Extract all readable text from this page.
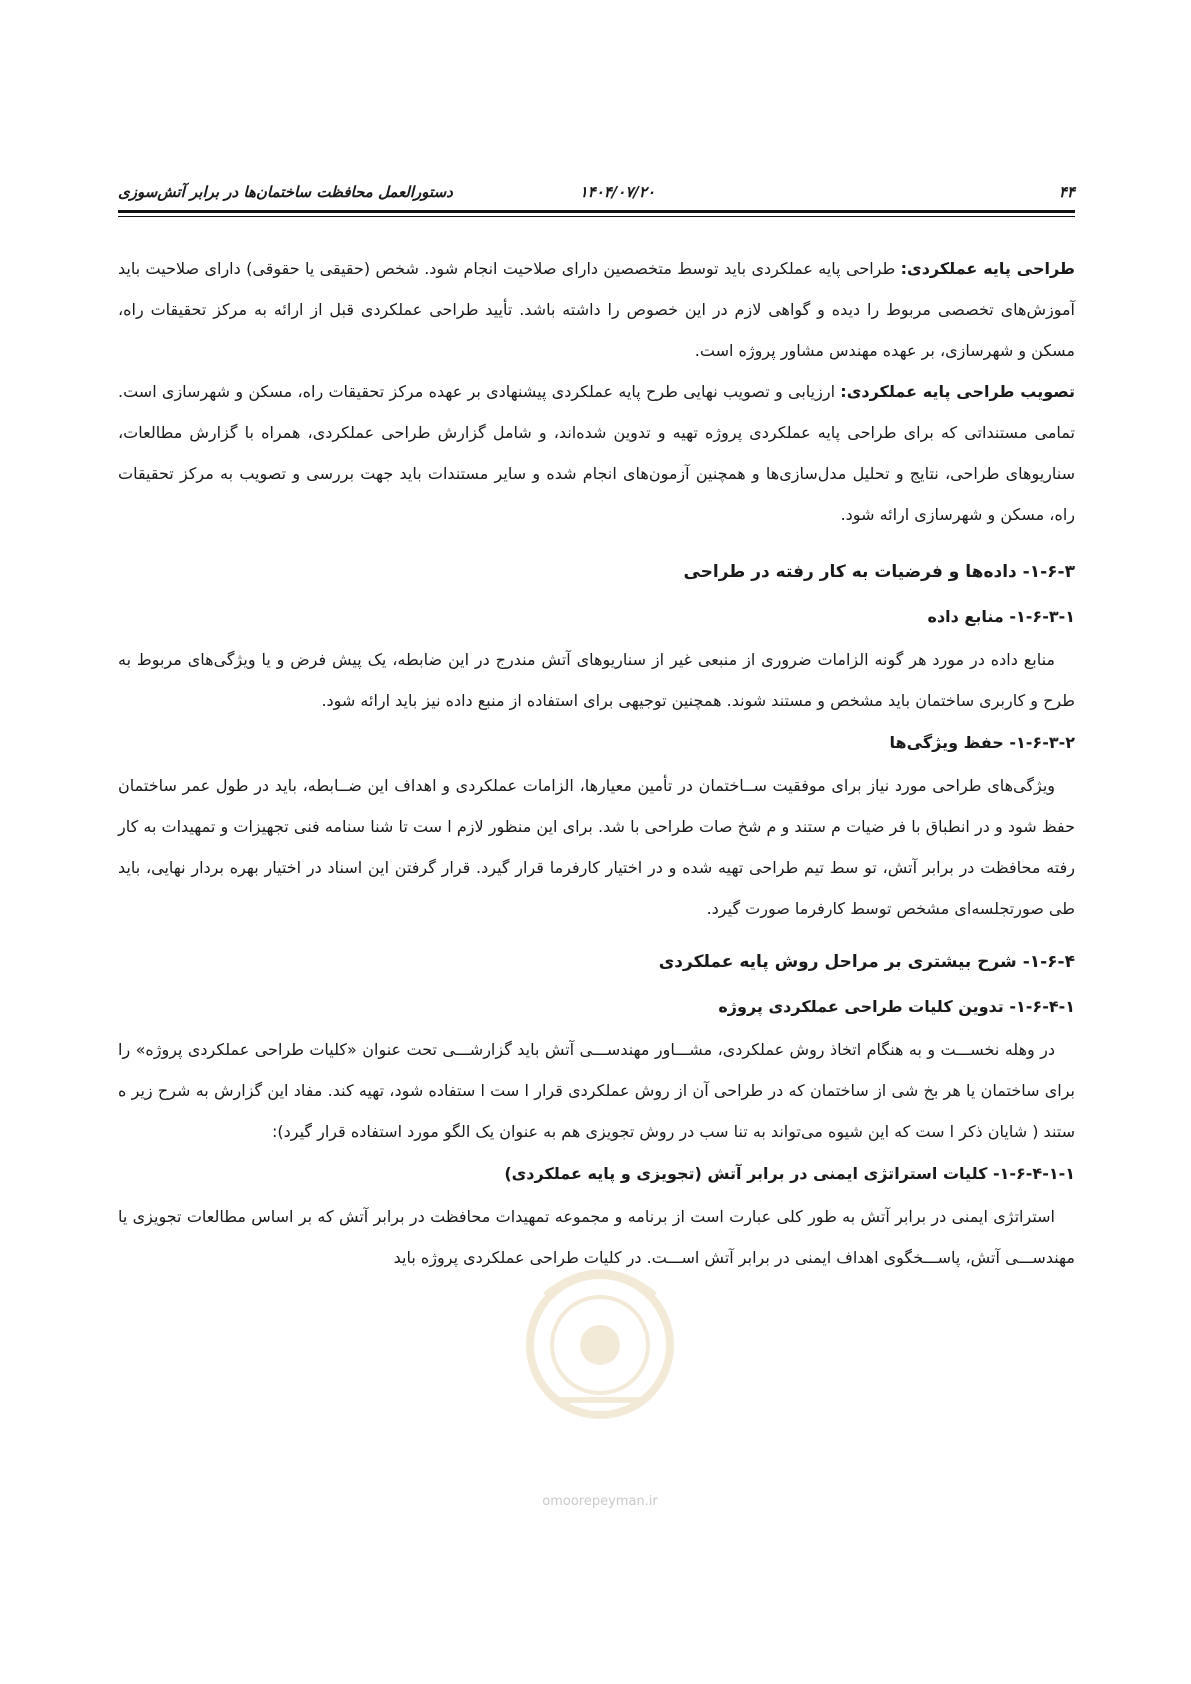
۴۴
۱۴۰۴/۰۷/۲۰
دستورالعمل محافظت ساختمان‌ها در برابر آتش‌سوزی

طراحی پایه عملکردی: طراحی پایه عملکردی باید توسط متخصصین دارای صلاحیت انجام شود. شخص (حقیقی یا حقوقی) دارای صلاحیت باید آموزش‌های تخصصی مربوط را دیده و گواهی لازم در این خصوص را داشته باشد. تأیید طراحی عملکردی قبل از ارائه به مرکز تحقیقات راه، مسکن و شهرسازی، بر عهده مهندس مشاور پروژه است.

تصویب طراحی پایه عملکردی: ارزیابی و تصویب نهایی طرح پایه عملکردی پیشنهادی بر عهده مرکز تحقیقات راه، مسکن و شهرسازی است. تمامی مستنداتی که برای طراحی پایه عملکردی پروژه تهیه و تدوین شده‌اند، و شامل گزارش طراحی عملکردی، همراه با گزارش مطالعات، سناریوهای طراحی، نتایج و تحلیل مدل‌سازی‌ها و همچنین آزمون‌های انجام شده و سایر مستندات باید جهت بررسی و تصویب به مرکز تحقیقات راه، مسکن و شهرسازی ارائه شود.

۱-۶-۳- داده‌ها و فرضیات به کار رفته در طراحی
۱-۶-۳-۱- منابع داده

منابع داده در مورد هر گونه الزامات ضروری از منبعی غیر از سناریوهای آتش مندرج در این ضابطه، یک پیش فرض و یا ویژگی‌های مربوط به طرح و کاربری ساختمان باید مشخص و مستند شوند. همچنین توجیهی برای استفاده از منبع داده نیز باید ارائه شود.

۱-۶-۳-۲- حفظ ویژگی‌ها

ویژگی‌های طراحی مورد نیاز برای موفقیت ســاختمان در تأمین معیارها، الزامات عملکردی و اهداف این ضــابطه، باید در طول عمر ساختمان حفظ شود و در انطباق با فر ضیات م ستند و م شخ صات طراحی با شد. برای این منظور لازم ا ست تا شنا سنامه فنی تجهیزات و تمهیدات به کار رفته محافظت در برابر آتش، تو سط تیم طراحی تهیه شده و در اختیار کارفرما قرار گیرد. قرار گرفتن این اسناد در اختیار بهره بردار نهایی، باید طی صورتجلسه‌ای مشخص توسط کارفرما صورت گیرد.

۱-۶-۴- شرح بیشتری بر مراحل روش پایه عملکردی
۱-۶-۴-۱- تدوین کلیات طراحی عملکردی پروژه

در وهله نخســـت و به هنگام اتخاذ روش عملکردی، مشـــاور مهندســـی آتش باید گزارشـــی تحت عنوان «کلیات طراحی عملکردی پروژه» را برای ساختمان یا هر بخ شی از ساختمان که در طراحی آن از روش عملکردی قرار ا ست ا ستفاده شود، تهیه کند. مفاد این گزارش به شرح زیر ه ستند ( شایان ذکر ا ست که این شیوه می‌تواند به تنا سب در روش تجویزی هم به عنوان یک الگو مورد استفاده قرار گیرد):

۱-۶-۴-۱-۱- کلیات استراتژی ایمنی در برابر آتش (تجویزی و پایه عملکردی)

استراتژی ایمنی در برابر آتش به طور کلی عبارت است از برنامه و مجموعه تمهیدات محافظت در برابر آتش که بر اساس مطالعات تجویزی یا مهندســـی آتش، پاســـخگوی اهداف ایمنی در برابر آتش اســـت. در کلیات طراحی عملکردی پروژه باید

omoorepeyman.ir
